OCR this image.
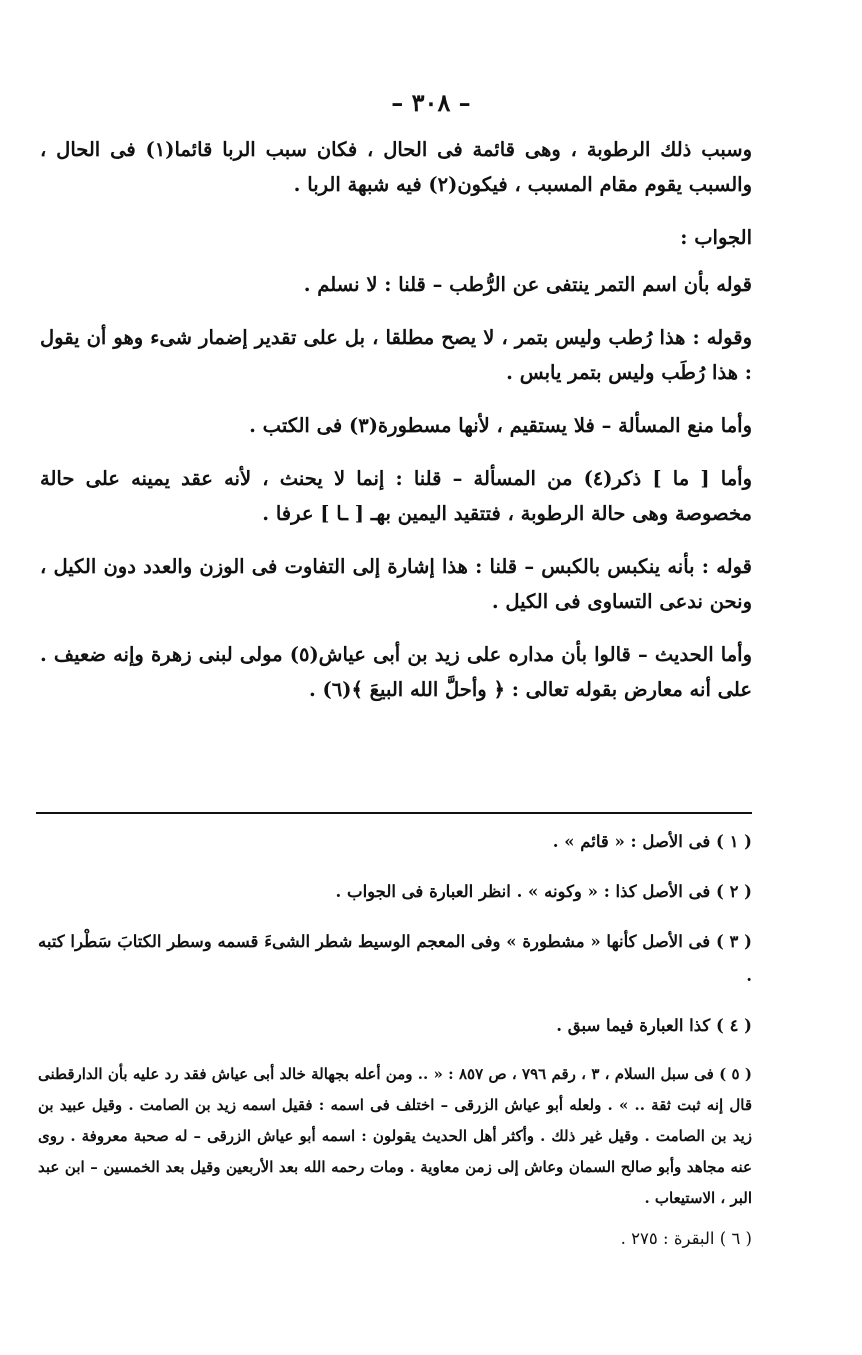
– ٣٠٨ –

وسبب ذلك الرطوبة ، وهى قائمة فى الحال ، فكان سبب الربا قائما(١) فى الحال ، والسبب يقوم مقام المسبب ، فيكون(٢) فيه شبهة الربا .

الجواب :

قوله بأن اسم التمر ينتفى عن الرُّطب – قلنا : لا نسلم .

وقوله : هذا رُطب وليس بتمر ، لا يصح مطلقا ، بل على تقدير إضمار شىء وهو أن يقول : هذا رُطَب وليس بتمر يابس .

وأما منع المسألة – فلا يستقيم ، لأنها مسطورة(٣) فى الكتب .

وأما [ ما ] ذكر(٤) من المسألة – قلنا : إنما لا يحنث ، لأنه عقد يمينه على حالة مخصوصة وهى حالة الرطوبة ، فتتقيد اليمين بهـ [ ـا ] عرفا .

قوله : بأنه ينكبس بالكبس – قلنا : هذا إشارة إلى التفاوت فى الوزن والعدد دون الكيل ، ونحن ندعى التساوى فى الكيل .

وأما الحديث – قالوا بأن مداره على زيد بن أبى عياش(٥) مولى لبنى زهرة وإنه ضعيف . على أنه معارض بقوله تعالى : ﴿ وأحلَّ الله البيعَ ﴾(٦) .

( ١ ) فى الأصل : « قائم » .

( ٢ ) فى الأصل كذا : « وكونه » . انظر العبارة فى الجواب .

( ٣ ) فى الأصل كأنها « مشطورة » وفى المعجم الوسيط شطر الشىءَ قسمه وسطر الكتابَ سَطْرا كتبه .

( ٤ ) كذا العبارة فيما سبق .

( ٥ ) فى سبل السلام ، ٣ ، رقم ٧٩٦ ، ص ٨٥٧ : « .. ومن أعله بجهالة خالد أبى عياش فقد رد عليه بأن الدارقطنى قال إنه ثبت ثقة .. » . ولعله أبو عياش الزرقى – اختلف فى اسمه : فقيل اسمه زيد بن الصامت . وقيل عبيد بن زيد بن الصامت . وقيل غير ذلك . وأكثر أهل الحديث يقولون : اسمه أبو عياش الزرقى – له صحبة معروفة . روى عنه مجاهد وأبو صالح السمان وعاش إلى زمن معاوية . ومات رحمه الله بعد الأربعين وقيل بعد الخمسين – ابن عبد البر ، الاستيعاب .

( ٦ ) البقرة : ٢٧٥ .
